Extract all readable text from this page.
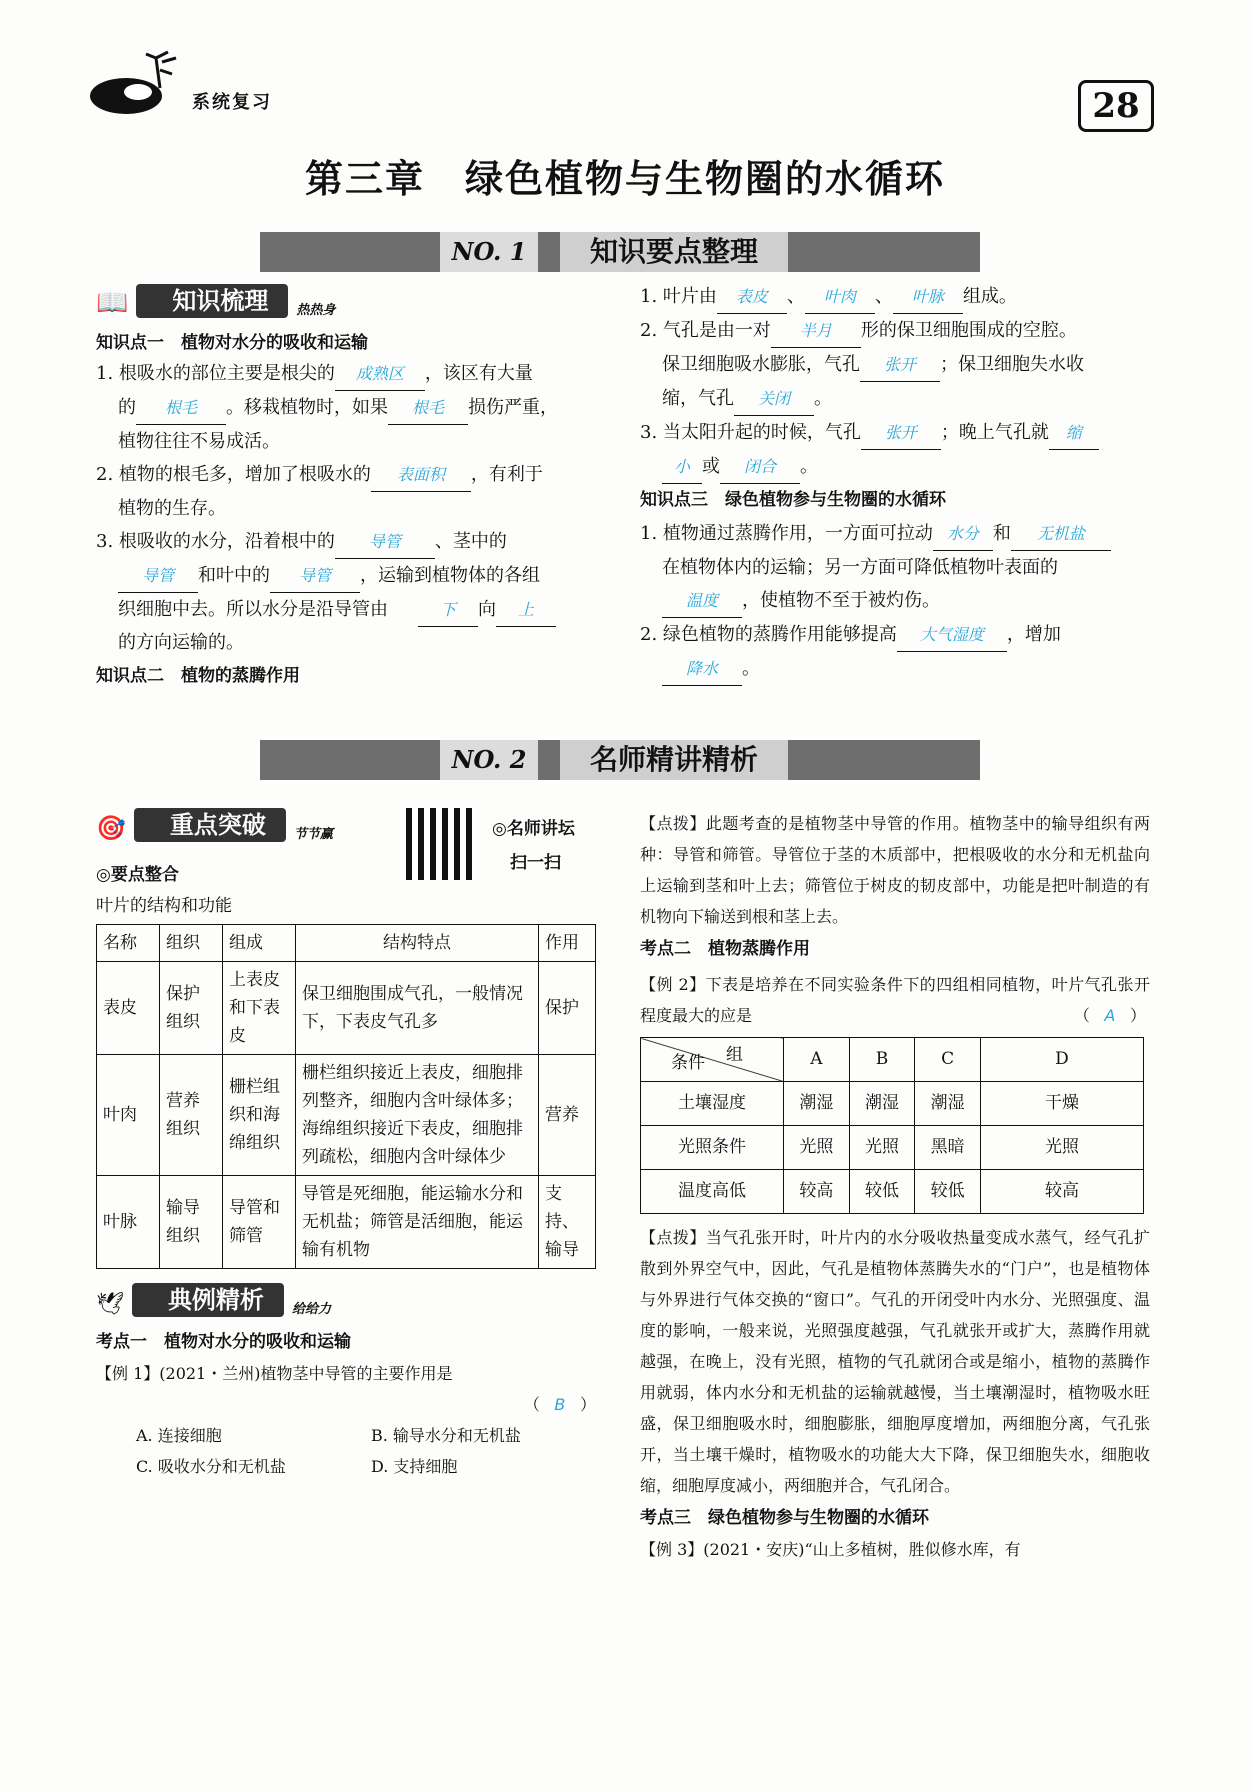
系统复习	28
第三章　绿色植物与生物圈的水循环
NO. 1	知识要点整理
📖	知识梳理	热热身
知识点一　植物对水分的吸收和运输
1. 根吸水的部位主要是根尖的 成熟区 ，该区有大量
的 根毛 。移栽植物时，如果 根毛 损伤严重，
植物往往不易成活。
2. 植物的根毛多，增加了根吸水的 表面积 ，有利于
植物的生存。
3. 根吸收的水分，沿着根中的 导管 、茎中的
导管 和叶中的 导管 ，运输到植物体的各组
织细胞中去。所以水分是沿导管由	下 向 上
的方向运输的。
知识点二　植物的蒸腾作用
1. 叶片由 表皮 、 叶肉 、 叶脉 组成。
2. 气孔是由一对 半月 形的保卫细胞围成的空腔。
保卫细胞吸水膨胀，气孔 张开 ；保卫细胞失水收
缩，气孔 关闭 。
3. 当太阳升起的时候，气孔 张开 ；晚上气孔就 缩
小 或 闭合 。
知识点三　绿色植物参与生物圈的水循环
1. 植物通过蒸腾作用，一方面可拉动 水分 和 无机盐
在植物体内的运输；另一方面可降低植物叶表面的
温度 ，使植物不至于被灼伤。
2. 绿色植物的蒸腾作用能够提高 大气湿度 ，增加
降水 。
NO. 2	名师精讲精析
🎯	重点突破	节节赢	◎名师讲坛
扫一扫
◎要点整合
叶片的结构和功能
名称	组织	组成	结构特点	作用
表皮	保护组织	上表皮和下表皮	保卫细胞围成气孔，一般情况下，下表皮气孔多	保护
叶肉	营养组织	栅栏组织和海绵组织	栅栏组织接近上表皮，细胞排列整齐，细胞内含叶绿体多；海绵组织接近下表皮，细胞排列疏松，细胞内含叶绿体少	营养
叶脉	输导组织	导管和筛管	导管是死细胞，能运输水分和无机盐；筛管是活细胞，能运输有机物	支持、输导
🕊	典例精析	给给力
考点一　植物对水分的吸收和运输
【例 1】(2021・兰州)植物茎中导管的主要作用是
（ B ）
A. 连接细胞	B. 输导水分和无机盐
C. 吸收水分和无机盐	D. 支持细胞
【点拨】此题考查的是植物茎中导管的作用。植物茎中的输导组织有两种：导管和筛管。导管位于茎的木质部中，把根吸收的水分和无机盐向上运输到茎和叶上去；筛管位于树皮的韧皮部中，功能是把叶制造的有机物向下输送到根和茎上去。
考点二　植物蒸腾作用
【例 2】下表是培养在不同实验条件下的四组相同植物，叶片气孔张开程度最大的应是	（ A ）
组
条件	A	B	C	D
土壤湿度	潮湿	潮湿	潮湿	干燥
光照条件	光照	光照	黑暗	光照
温度高低	较高	较低	较低	较高
【点拨】当气孔张开时，叶片内的水分吸收热量变成水蒸气，经气孔扩散到外界空气中，因此，气孔是植物体蒸腾失水的“门户”，也是植物体与外界进行气体交换的“窗口”。气孔的开闭受叶内水分、光照强度、温度的影响，一般来说，光照强度越强，气孔就张开或扩大，蒸腾作用就越强，在晚上，没有光照，植物的气孔就闭合或是缩小，植物的蒸腾作用就弱，体内水分和无机盐的运输就越慢，当土壤潮湿时，植物吸水旺盛，保卫细胞吸水时，细胞膨胀，细胞厚度增加，两细胞分离，气孔张开，当土壤干燥时，植物吸水的功能大大下降，保卫细胞失水，细胞收缩，细胞厚度减小，两细胞并合，气孔闭合。
考点三　绿色植物参与生物圈的水循环
【例 3】(2021・安庆)“山上多植树，胜似修水库，有
